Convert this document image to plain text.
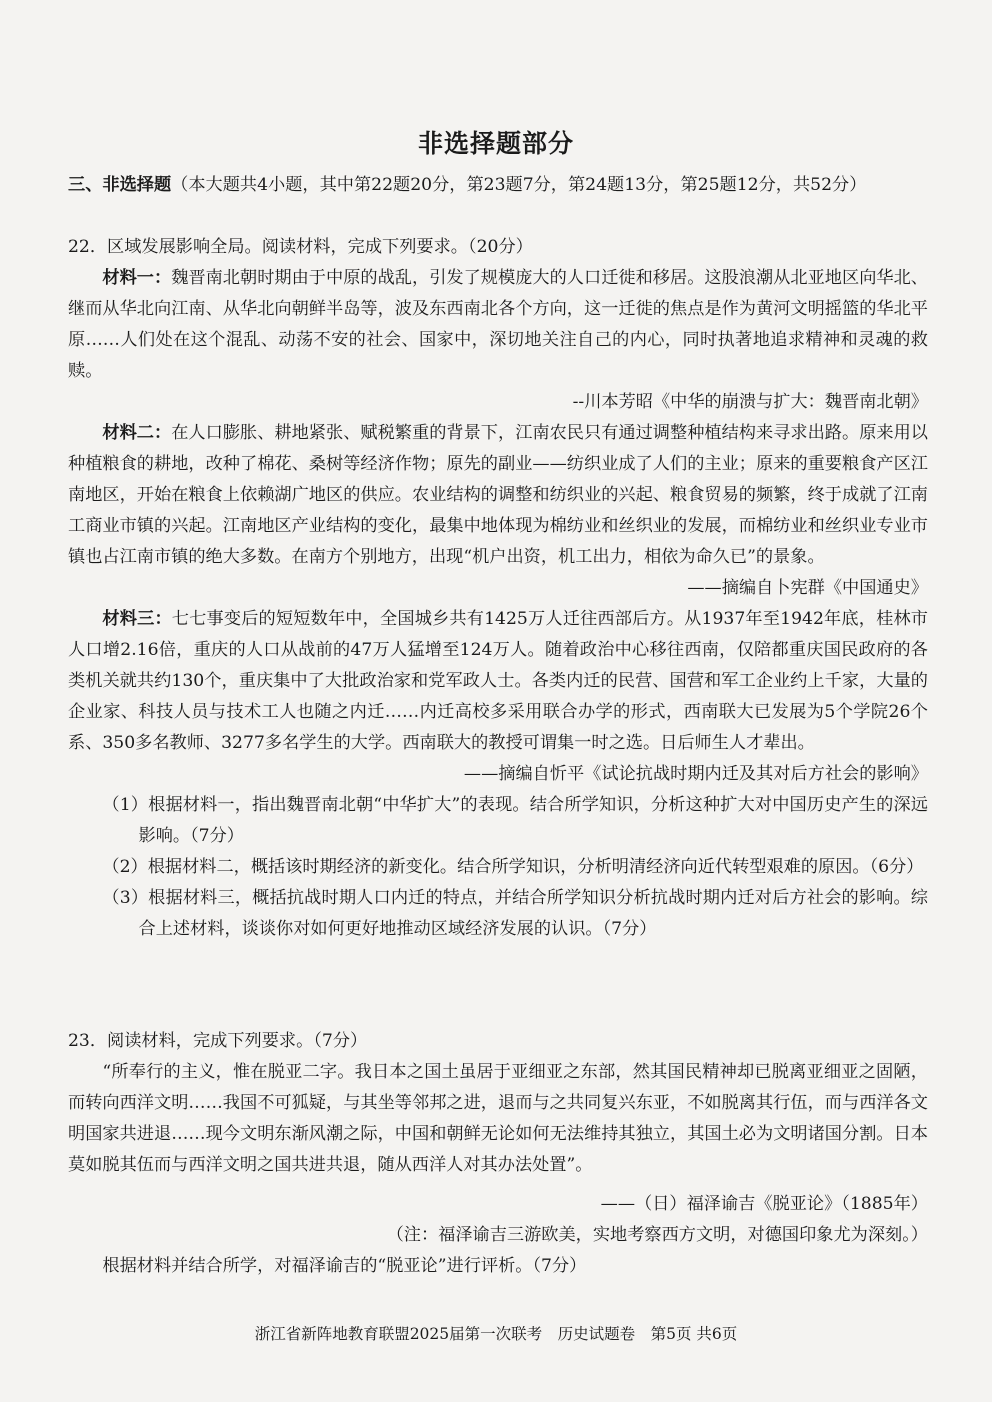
非选择题部分
三、非选择题（本大题共4小题，其中第22题20分，第23题7分，第24题13分，第25题12分，共52分）
22．区域发展影响全局。阅读材料，完成下列要求。（20分）
材料一：魏晋南北朝时期由于中原的战乱，引发了规模庞大的人口迁徙和移居。这股浪潮从北亚地区向华北、继而从华北向江南、从华北向朝鲜半岛等，波及东西南北各个方向，这一迁徙的焦点是作为黄河文明摇篮的华北平原……人们处在这个混乱、动荡不安的社会、国家中，深切地关注自己的内心，同时执著地追求精神和灵魂的救赎。
--川本芳昭《中华的崩溃与扩大：魏晋南北朝》
材料二：在人口膨胀、耕地紧张、赋税繁重的背景下，江南农民只有通过调整种植结构来寻求出路。原来用以种植粮食的耕地，改种了棉花、桑树等经济作物；原先的副业——纺织业成了人们的主业；原来的重要粮食产区江南地区，开始在粮食上依赖湖广地区的供应。农业结构的调整和纺织业的兴起、粮食贸易的频繁，终于成就了江南工商业市镇的兴起。江南地区产业结构的变化，最集中地体现为棉纺业和丝织业的发展，而棉纺业和丝织业专业市镇也占江南市镇的绝大多数。在南方个别地方，出现“机户出资，机工出力，相依为命久已”的景象。
——摘编自卜宪群《中国通史》
材料三：七七事变后的短短数年中，全国城乡共有1425万人迁往西部后方。从1937年至1942年底，桂林市人口增2.16倍，重庆的人口从战前的47万人猛增至124万人。随着政治中心移往西南，仅陪都重庆国民政府的各类机关就共约130个，重庆集中了大批政治家和党军政人士。各类内迁的民营、国营和军工企业约上千家，大量的企业家、科技人员与技术工人也随之内迁……内迁高校多采用联合办学的形式，西南联大已发展为5个学院26个系、350多名教师、3277多名学生的大学。西南联大的教授可谓集一时之选。日后师生人才辈出。
——摘编自忻平《试论抗战时期内迁及其对后方社会的影响》
（1）根据材料一，指出魏晋南北朝“中华扩大”的表现。结合所学知识，分析这种扩大对中国历史产生的深远影响。（7分）
（2）根据材料二，概括该时期经济的新变化。结合所学知识，分析明清经济向近代转型艰难的原因。（6分）
（3）根据材料三，概括抗战时期人口内迁的特点，并结合所学知识分析抗战时期内迁对后方社会的影响。综合上述材料，谈谈你对如何更好地推动区域经济发展的认识。（7分）
23．阅读材料，完成下列要求。（7分）
“所奉行的主义，惟在脱亚二字。我日本之国土虽居于亚细亚之东部，然其国民精神却已脱离亚细亚之固陋，而转向西洋文明……我国不可狐疑，与其坐等邻邦之进，退而与之共同复兴东亚，不如脱离其行伍，而与西洋各文明国家共进退……现今文明东渐风潮之际，中国和朝鲜无论如何无法维持其独立，其国土必为文明诸国分割。日本莫如脱其伍而与西洋文明之国共进共退，随从西洋人对其办法处置”。
——（日）福泽谕吉《脱亚论》（1885年）
（注：福泽谕吉三游欧美，实地考察西方文明，对德国印象尤为深刻。）
根据材料并结合所学，对福泽谕吉的“脱亚论”进行评析。（7分）
浙江省新阵地教育联盟2025届第一次联考　历史试题卷　第5页 共6页
